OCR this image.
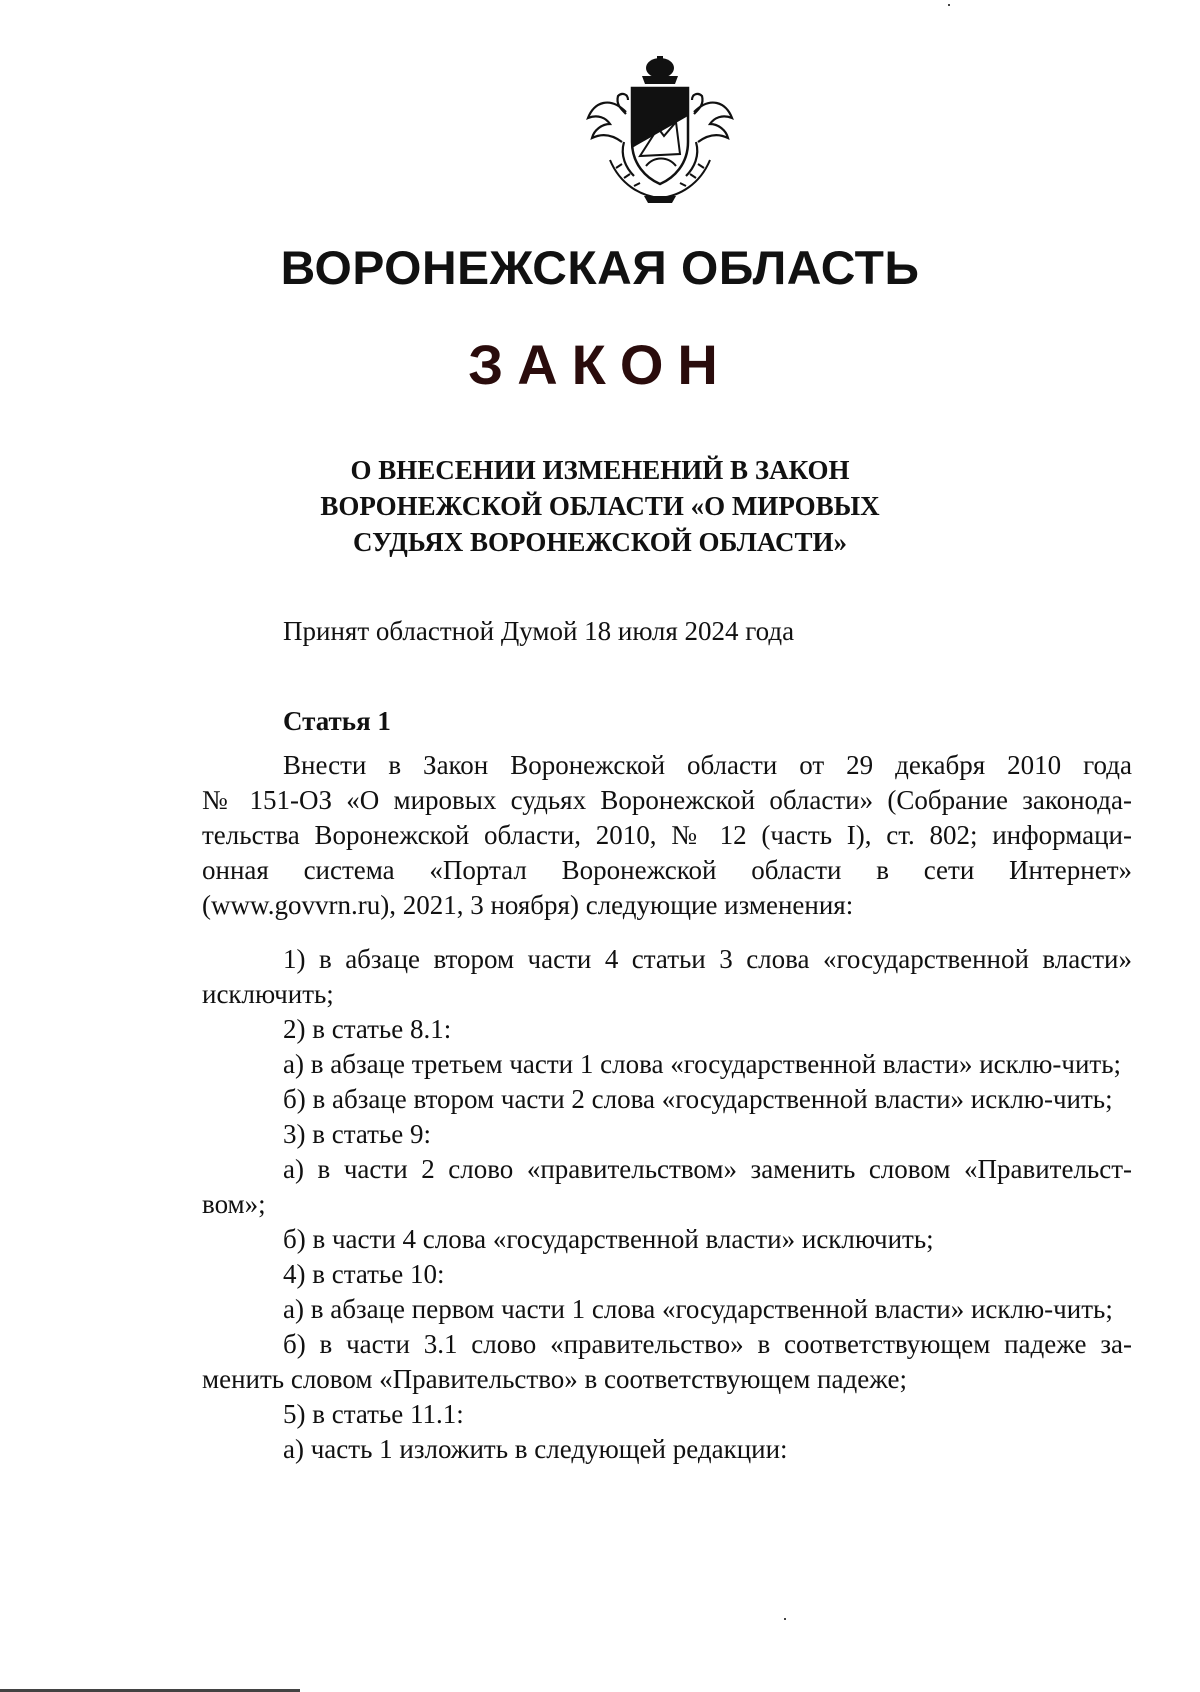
ВОРОНЕЖСКАЯ ОБЛАСТЬ
ЗАКОН
О ВНЕСЕНИИ ИЗМЕНЕНИЙ В ЗАКОН
ВОРОНЕЖСКОЙ ОБЛАСТИ «О МИРОВЫХ
СУДЬЯХ ВОРОНЕЖСКОЙ ОБЛАСТИ»
Принят областной Думой 18 июля 2024 года
Статья 1
Внести в Закон Воронежской области от 29 декабря 2010 года
№ 151-ОЗ «О мировых судьях Воронежской области» (Собрание законода-
тельства Воронежской области, 2010, № 12 (часть I), ст. 802; информаци-
онная система «Портал Воронежской области в сети Интернет»
(www.govvrn.ru), 2021, 3 ноября) следующие изменения:

1) в абзаце втором части 4 статьи 3 слова «государственной власти» исключить;

2) в статье 8.1:

а) в абзаце третьем части 1 слова «государственной власти» исклю-чить;

б) в абзаце втором части 2 слова «государственной власти» исклю-чить;

3) в статье 9:

а) в части 2 слово «правительством» заменить словом «Правительст-вом»;

б) в части 4 слова «государственной власти» исключить;

4) в статье 10:

а) в абзаце первом части 1 слова «государственной власти» исклю-чить;

б) в части 3.1 слово «правительство» в соответствующем падеже за-менить словом «Правительство» в соответствующем падеже;

5) в статье 11.1:

а) часть 1 изложить в следующей редакции:
